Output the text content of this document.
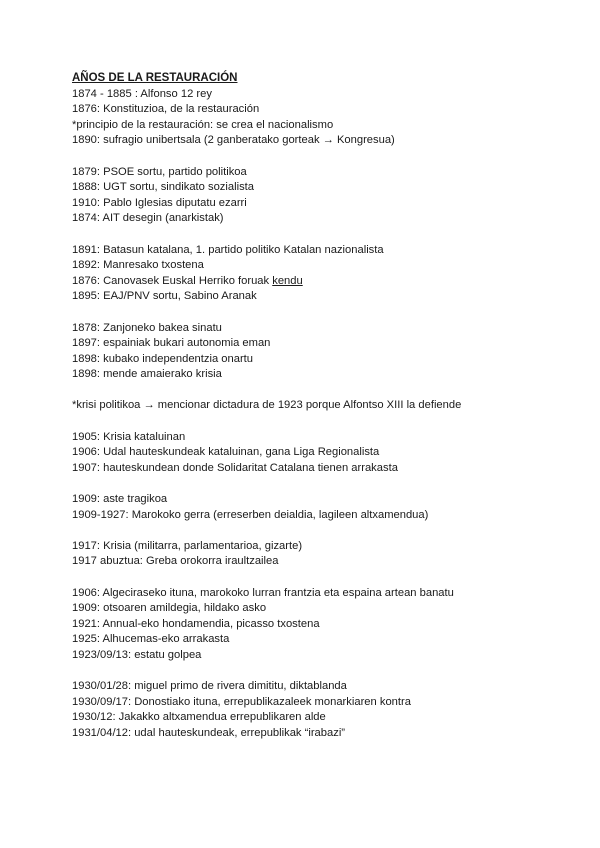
AÑOS DE LA RESTAURACIÓN
1874 - 1885 : Alfonso 12 rey
1876: Konstituzioa, de la restauración
*principio de la restauración: se crea el nacionalismo
1890: sufragio unibertsala (2 ganberatako gorteak → Kongresua)
1879: PSOE sortu, partido politikoa
1888: UGT sortu, sindikato sozialista
1910: Pablo Iglesias diputatu ezarri
1874: AIT desegin (anarkistak)
1891: Batasun katalana, 1. partido politiko Katalan nazionalista
1892: Manresako txostena
1876: Canovasek Euskal Herriko foruak kendu
1895: EAJ/PNV sortu, Sabino Aranak
1878: Zanjoneko bakea sinatu
1897: espainiak bukari autonomia eman
1898: kubako independentzia onartu
1898: mende amaierako krisia
*krisi politikoa → mencionar dictadura de 1923 porque Alfontso XIII la defiende
1905: Krisia kataluinan
1906: Udal hauteskundeak kataluinan, gana Liga Regionalista
1907: hauteskundean donde Solidaritat Catalana tienen arrakasta
1909: aste tragikoa
1909-1927: Marokoko gerra (erreserben deialdia, lagileen altxamendua)
1917: Krisia (militarra, parlamentarioa, gizarte)
1917 abuztua: Greba orokorra iraultzailea
1906: Algeciraseko ituna, marokoko lurran frantzia eta espaina artean banatu
1909: otsoaren amildegia, hildako asko
1921: Annual-eko hondamendia, picasso txostena
1925: Alhucemas-eko arrakasta
1923/09/13: estatu golpea
1930/01/28: miguel primo de rivera dimititu, diktablanda
1930/09/17: Donostiako ituna, errepublikazaleek monarkiaren kontra
1930/12: Jakakko altxamendua errepublikaren alde
1931/04/12: udal hauteskundeak, errepublikak “irabazi”
